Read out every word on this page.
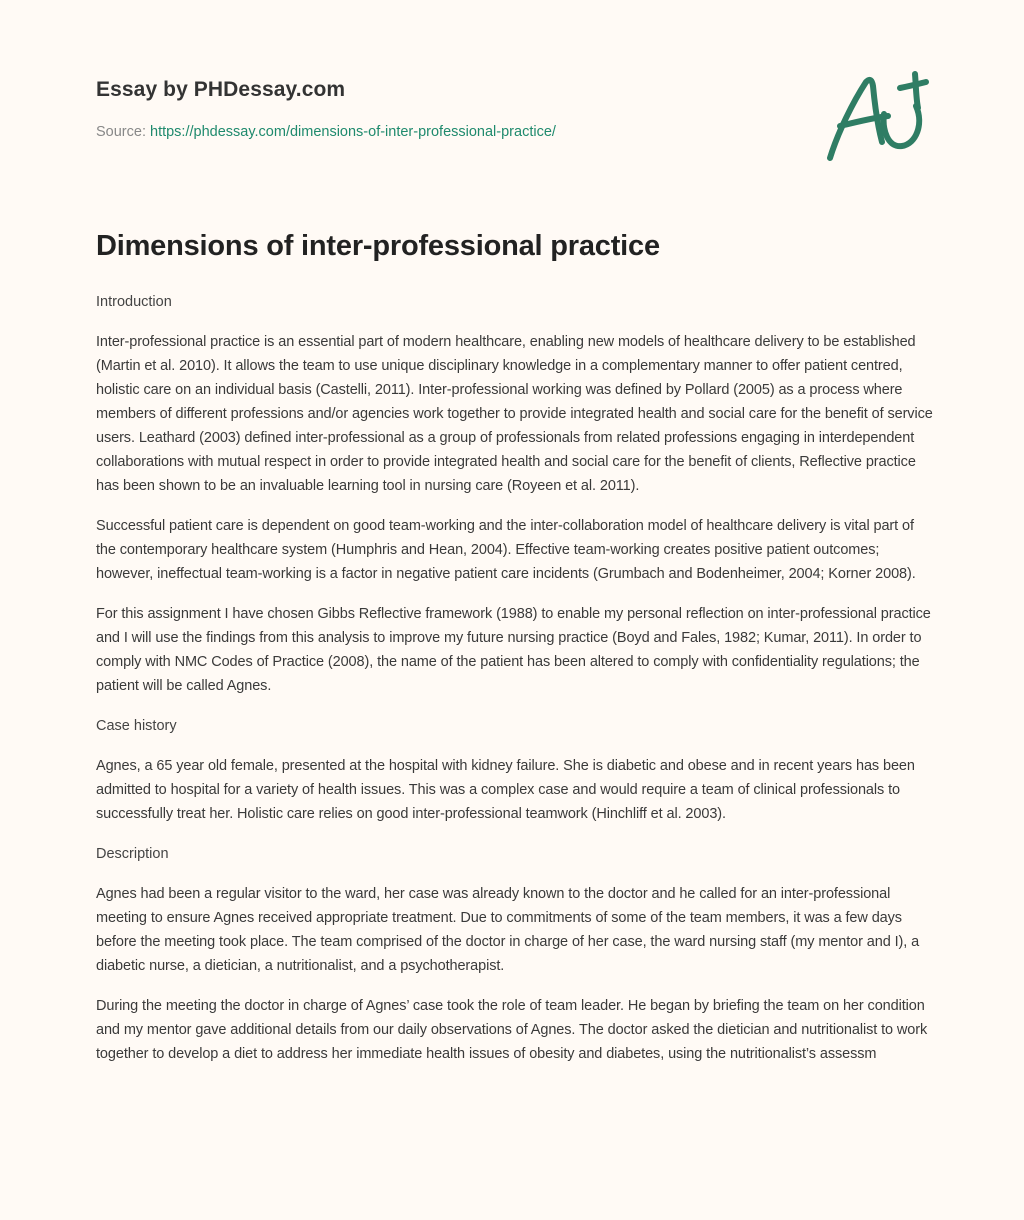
Essay by PHDessay.com
Source: https://phdessay.com/dimensions-of-inter-professional-practice/
Dimensions of inter-professional practice

Introduction

Inter-professional practice is an essential part of modern healthcare, enabling new models of healthcare delivery to be established (Martin et al. 2010). It allows the team to use unique disciplinary knowledge in a complementary manner to offer patient centred, holistic care on an individual basis (Castelli, 2011). Inter-professional working was defined by Pollard (2005) as a process where members of different professions and/or agencies work together to provide integrated health and social care for the benefit of service users. Leathard (2003) defined inter-professional as a group of professionals from related professions engaging in interdependent collaborations with mutual respect in order to provide integrated health and social care for the benefit of clients, Reflective practice has been shown to be an invaluable learning tool in nursing care (Royeen et al. 2011).

Successful patient care is dependent on good team-working and the inter-collaboration model of healthcare delivery is vital part of the contemporary healthcare system (Humphris and Hean, 2004). Effective team-working creates positive patient outcomes; however, ineffectual team-working is a factor in negative patient care incidents (Grumbach and Bodenheimer, 2004; Korner 2008).

For this assignment I have chosen Gibbs Reflective framework (1988) to enable my personal reflection on inter-professional practice and I will use the findings from this analysis to improve my future nursing practice (Boyd and Fales, 1982; Kumar, 2011). In order to comply with NMC Codes of Practice (2008), the name of the patient has been altered to comply with confidentiality regulations; the patient will be called Agnes.

Case history

Agnes, a 65 year old female, presented at the hospital with kidney failure. She is diabetic and obese and in recent years has been admitted to hospital for a variety of health issues. This was a complex case and would require a team of clinical professionals to successfully treat her. Holistic care relies on good inter-professional teamwork (Hinchliff et al. 2003).

Description

Agnes had been a regular visitor to the ward, her case was already known to the doctor and he called for an inter-professional meeting to ensure Agnes received appropriate treatment. Due to commitments of some of the team members, it was a few days before the meeting took place. The team comprised of the doctor in charge of her case, the ward nursing staff (my mentor and I), a diabetic nurse, a dietician, a nutritionalist, and a psychotherapist.

During the meeting the doctor in charge of Agnes’ case took the role of team leader. He began by briefing the team on her condition and my mentor gave additional details from our daily observations of Agnes. The doctor asked the dietician and nutritionalist to work together to develop a diet to address her immediate health issues of obesity and diabetes, using the nutritionalist’s assessm
